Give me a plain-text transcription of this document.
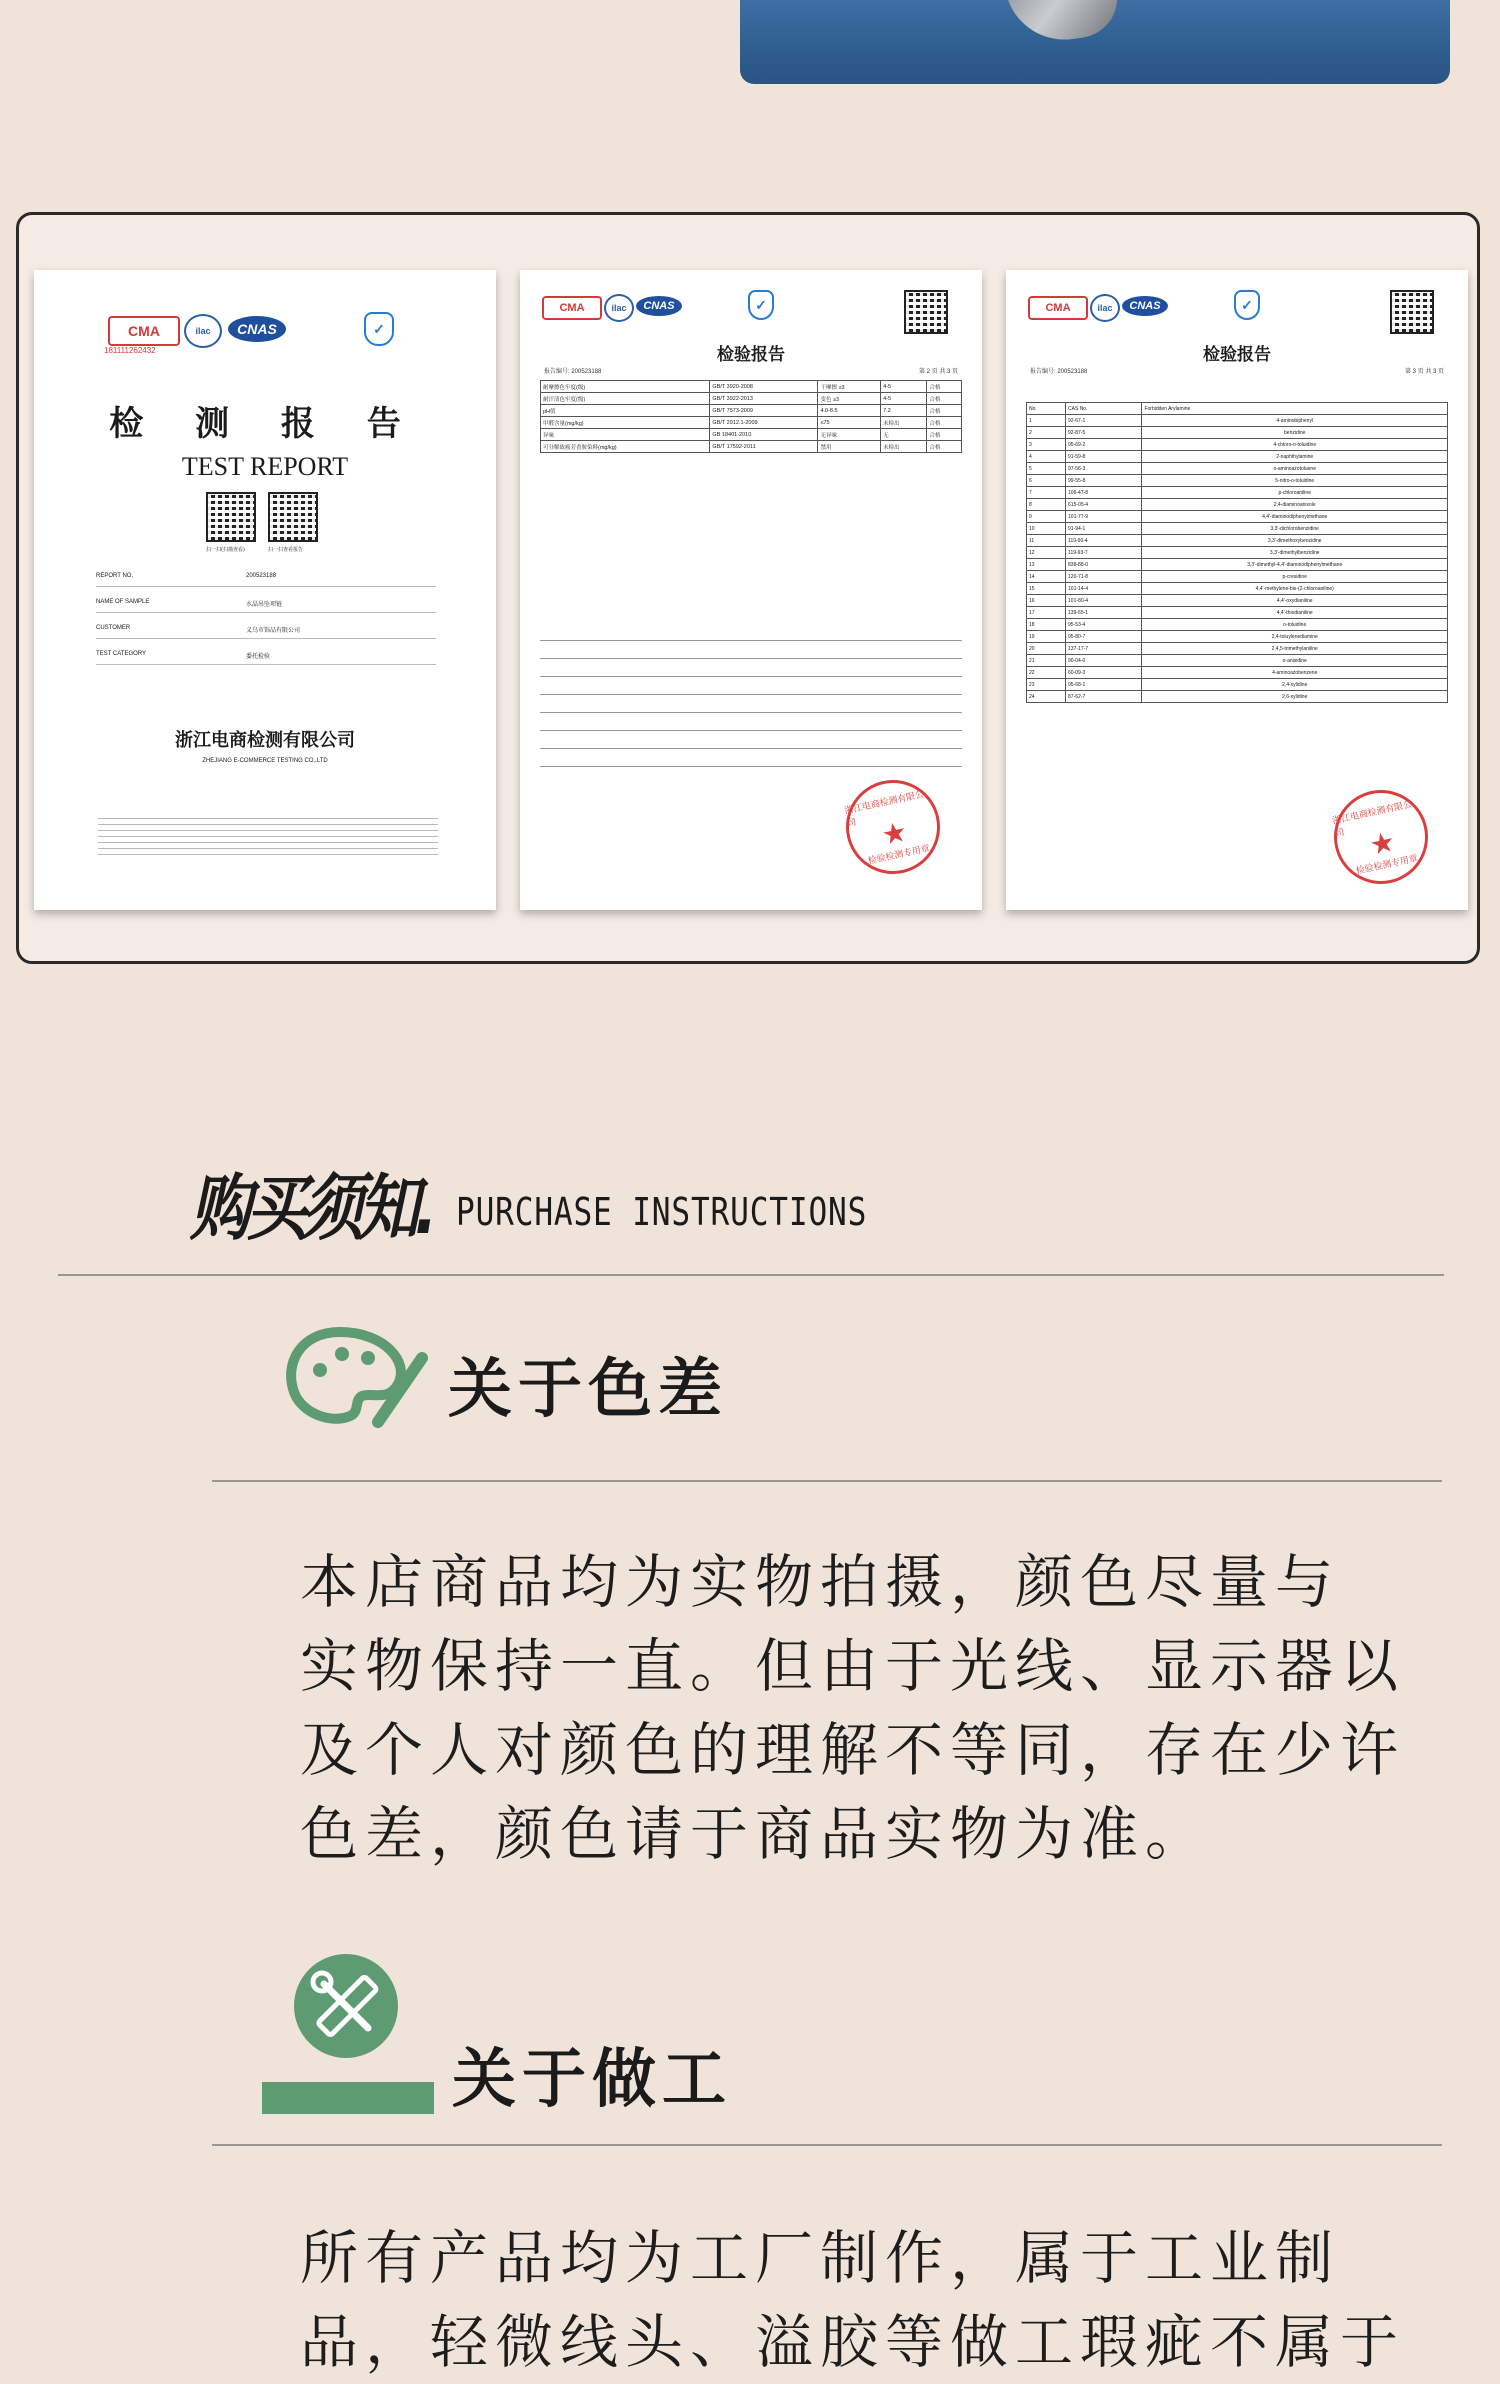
CMA
181111262432
ilac	CNAS	✓
检 测 报 告
TEST REPORT
扫一扫(扫描查看)	扫一扫查看报告
REPORT NO.	200523188
NAME OF SAMPLE	水晶吊坠项链
CUSTOMER	义乌市饰品有限公司
TEST CATEGORY	委托检验
浙江电商检测有限公司
ZHEJIANG E-COMMERCE TESTING CO.,LTD
CMA	ilac	CNAS	✓
检验报告
报告编号: 200523188	第 2 页 共 3 页
耐摩擦色牢度(级)	GB/T 3920-2008	干摩擦 ≥3	4-5	合格
耐汗渍色牢度(级)	GB/T 3922-2013	变色 ≥3	4-5	合格
pH值	GB/T 7573-2009	4.0-8.5	7.2	合格
甲醛含量(mg/kg)	GB/T 2912.1-2009	≤75	未检出	合格
异味	GB 18401-2010	无异味	无	合格
可分解致癌芳香胺染料(mg/kg)	GB/T 17592-2011	禁用	未检出	合格
浙江电商检测有限公司 ★
检验检测专用章
CMA	ilac	CNAS	✓
检验报告
报告编号: 200523188	第 3 页 共 3 页
No.	CAS No.	Forbidden Arylamine
1	92-67-1	4-aminobiphenyl
2	92-87-5	benzidine
3	95-69-2	4-chloro-o-toluidine
4	91-59-8	2-naphthylamine
5	97-56-3	o-aminoazotoluene
6	99-55-8	5-nitro-o-toluidine
7	106-47-8	p-chloroaniline
8	615-05-4	2,4-diaminoanisole
9	101-77-9	4,4'-diaminodiphenylmethane
10	91-94-1	3,3'-dichlorobenzidine
11	119-90-4	3,3'-dimethoxybenzidine
12	119-93-7	3,3'-dimethylbenzidine
13	838-88-0	3,3'-dimethyl-4,4'-diaminodiphenylmethane
14	120-71-8	p-cresidine
15	101-14-4	4,4'-methylene-bis-(2-chloroaniline)
16	101-80-4	4,4'-oxydianiline
17	139-65-1	4,4'-thiodianiline
18	95-53-4	o-toluidine
19	95-80-7	2,4-toluylenediamine
20	137-17-7	2,4,5-trimethylaniline
21	90-04-0	o-anisidine
22	60-09-3	4-aminoazobenzene
23	95-68-1	2,4-xylidine
24	87-62-7	2,6-xylidine
浙江电商检测有限公司 ★
检验检测专用章
购买须知. PURCHASE INSTRUCTIONS
关于色差
本店商品均为实物拍摄，颜色尽量与
实物保持一直。但由于光线、显示器以
及个人对颜色的理解不等同，存在少许
色差，颜色请于商品实物为准。
关于做工
所有产品均为工厂制作，属于工业制
品，轻微线头、溢胶等做工瑕疵不属于
